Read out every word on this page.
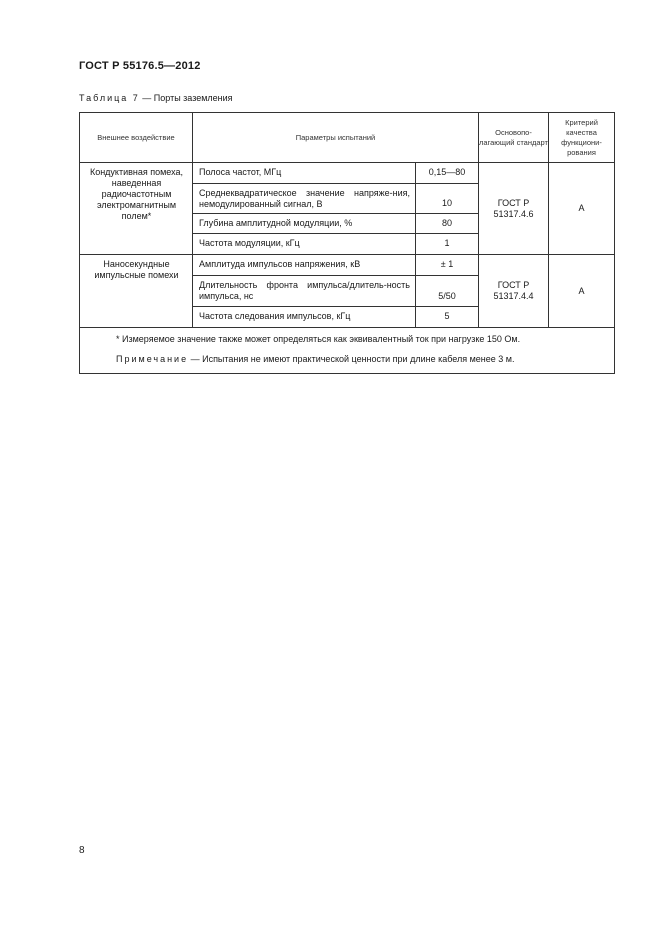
ГОСТ Р 55176.5—2012
Таблица 7 — Порты заземления
Внешнее воздействие	Параметры испытаний		Основопо-лагающий стандарт	Критерий качества функциони-рования
Кондуктивная помеха, наведенная радиочастотным электромагнитным полем*	Полоса частот, МГц	0,15—80	ГОСТ Р 51317.4.6	А
	Среднеквадратическое значение напряже-ния, немодулированный сигнал, В	10		
	Глубина амплитудной модуляции, %	80		
	Частота модуляции, кГц	1		
Наносекундные импульсные помехи	Амплитуда импульсов напряжения, кВ	± 1	ГОСТ Р 51317.4.4	А
	Длительность фронта импульса/длитель-ность импульса, нс	5/50		
	Частота следования импульсов, кГц	5		

* Измеряемое значение также может определяться как эквивалентный ток при нагрузке 150 Ом.

Примечание — Испытания не имеют практической ценности при длине кабеля менее 3 м.				

8
